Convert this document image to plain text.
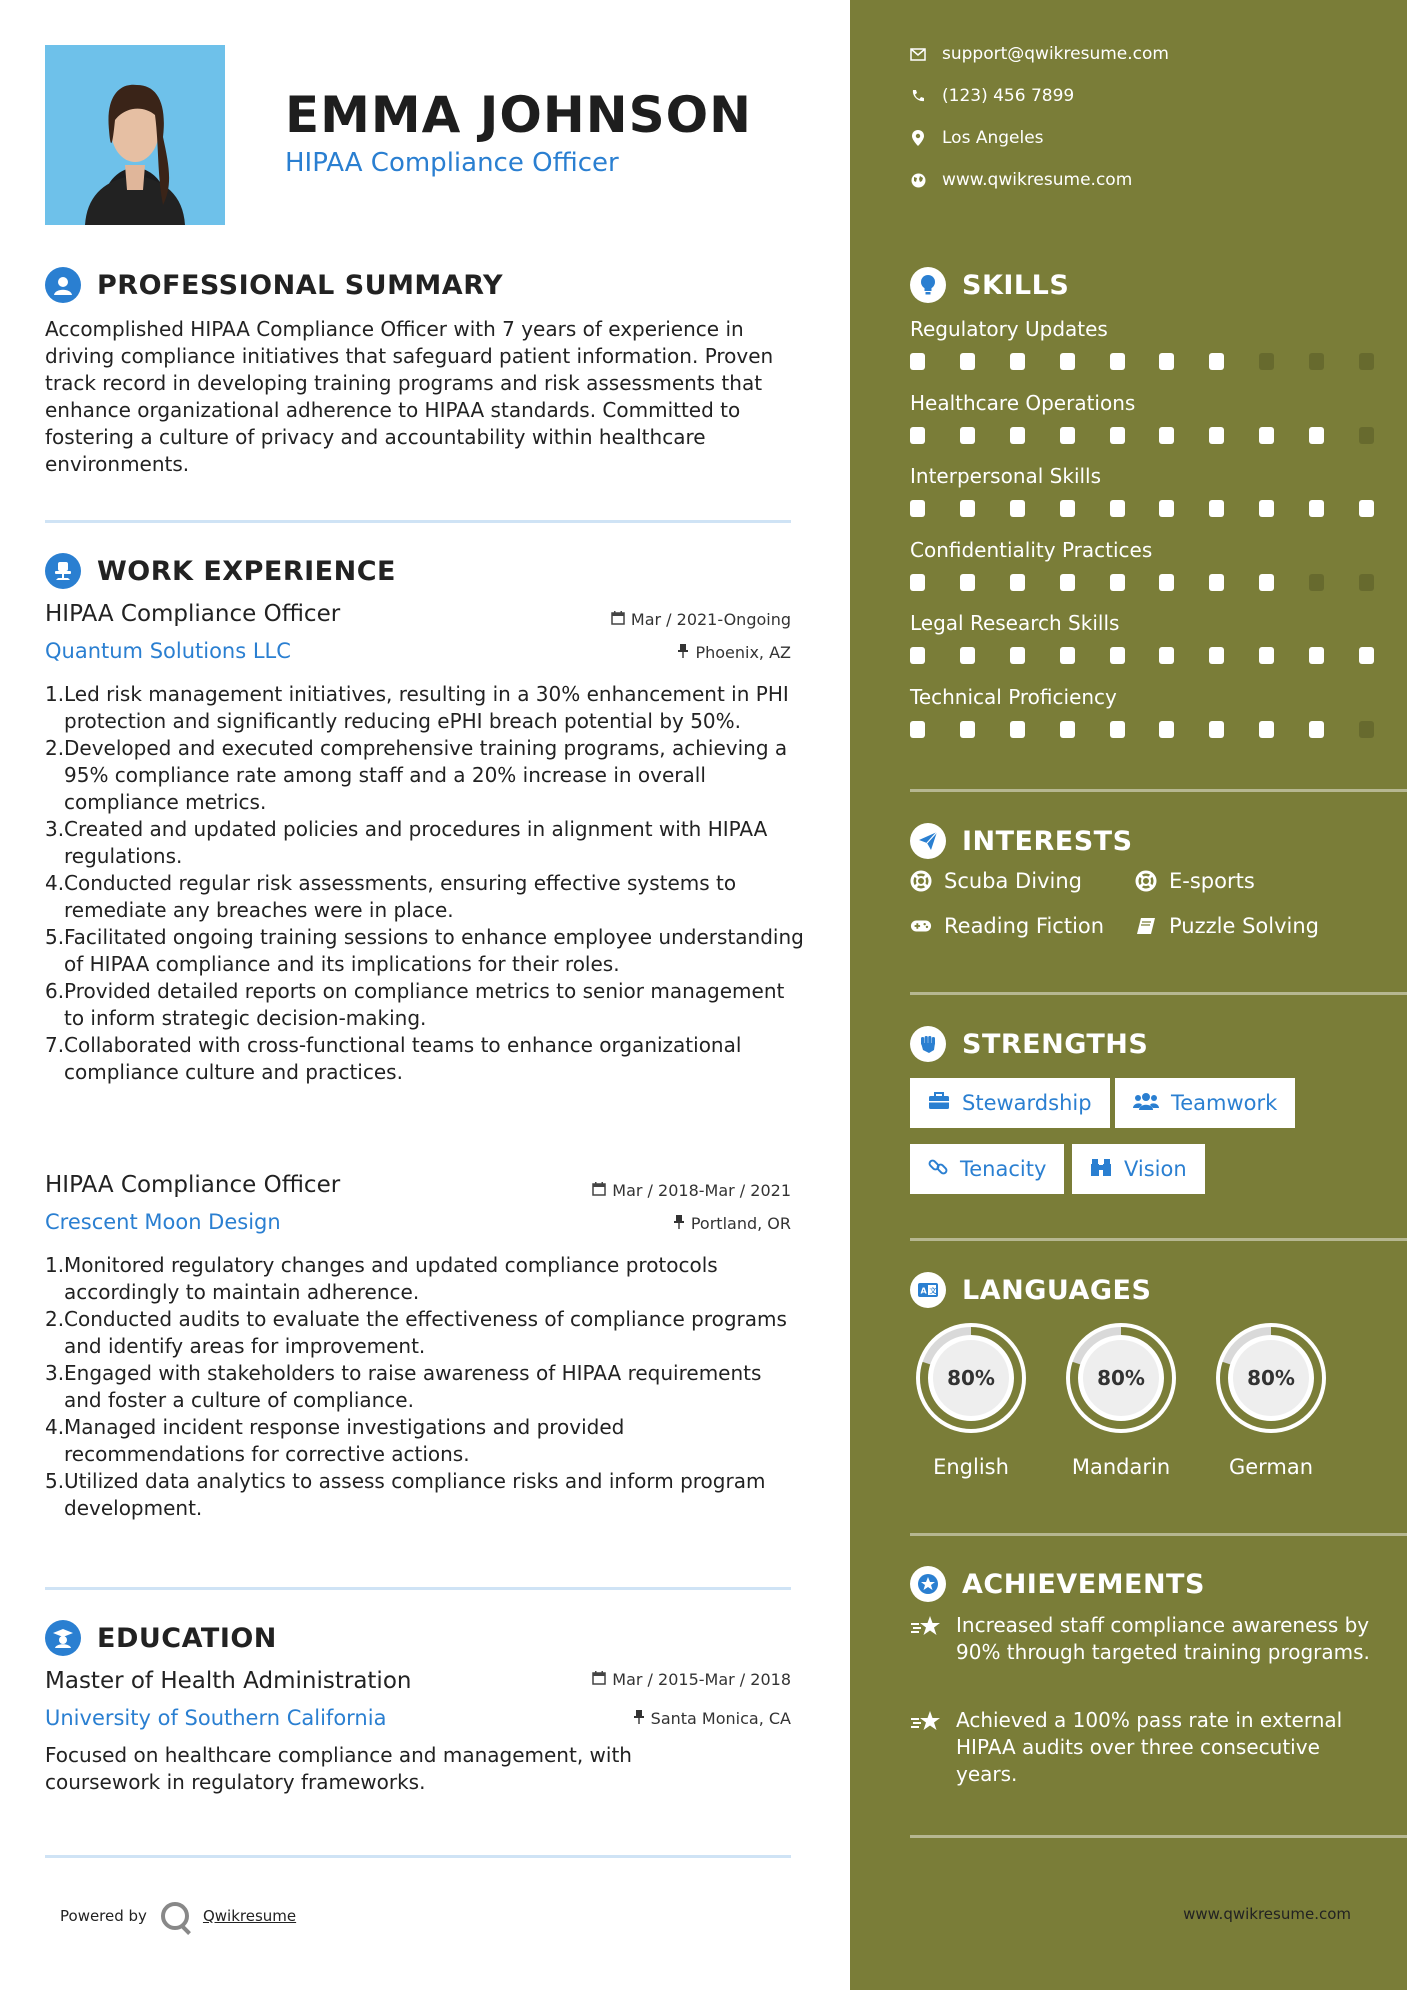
EMMA JOHNSON
HIPAA Compliance Officer
PROFESSIONAL SUMMARY
Accomplished HIPAA Compliance Officer with 7 years of experience in driving compliance initiatives that safeguard patient information. Proven track record in developing training programs and risk assessments that enhance organizational adherence to HIPAA standards. Committed to fostering a culture of privacy and accountability within healthcare environments.
WORK EXPERIENCE
HIPAA Compliance Officer	Mar / 2021-Ongoing
Quantum Solutions LLC	Phoenix, AZ
Led risk management initiatives, resulting in a 30% enhancement in PHI protection and significantly reducing ePHI breach potential by 50%.
Developed and executed comprehensive training programs, achieving a 95% compliance rate among staff and a 20% increase in overall compliance metrics.
Created and updated policies and procedures in alignment with HIPAA regulations.
Conducted regular risk assessments, ensuring effective systems to remediate any breaches were in place.
Facilitated ongoing training sessions to enhance employee understanding of HIPAA compliance and its implications for their roles.
Provided detailed reports on compliance metrics to senior management to inform strategic decision-making.
Collaborated with cross-functional teams to enhance organizational compliance culture and practices.
HIPAA Compliance Officer	Mar / 2018-Mar / 2021
Crescent Moon Design	Portland, OR
Monitored regulatory changes and updated compliance protocols accordingly to maintain adherence.
Conducted audits to evaluate the effectiveness of compliance programs and identify areas for improvement.
Engaged with stakeholders to raise awareness of HIPAA requirements and foster a culture of compliance.
Managed incident response investigations and provided recommendations for corrective actions.
Utilized data analytics to assess compliance risks and inform program development.
EDUCATION
Master of Health Administration	Mar / 2015-Mar / 2018
University of Southern California	Santa Monica, CA
Focused on healthcare compliance and management, with coursework in regulatory frameworks.
Powered by	Qwikresume
support@qwikresume.com
(123) 456 7899
Los Angeles
www.qwikresume.com
SKILLS
Regulatory Updates
Healthcare Operations
Interpersonal Skills
Confidentiality Practices
Legal Research Skills
Technical Proficiency
INTERESTS
Scuba Diving	E-sports
Reading Fiction	Puzzle Solving
STRENGTHS
Stewardship	Teamwork
Tenacity	Vision
A 文 LANGUAGES
80%
English
80%
Mandarin
80%
German
ACHIEVEMENTS
Increased staff compliance awareness by 90% through targeted training programs.
Achieved a 100% pass rate in external HIPAA audits over three consecutive years.
www.qwikresume.com
